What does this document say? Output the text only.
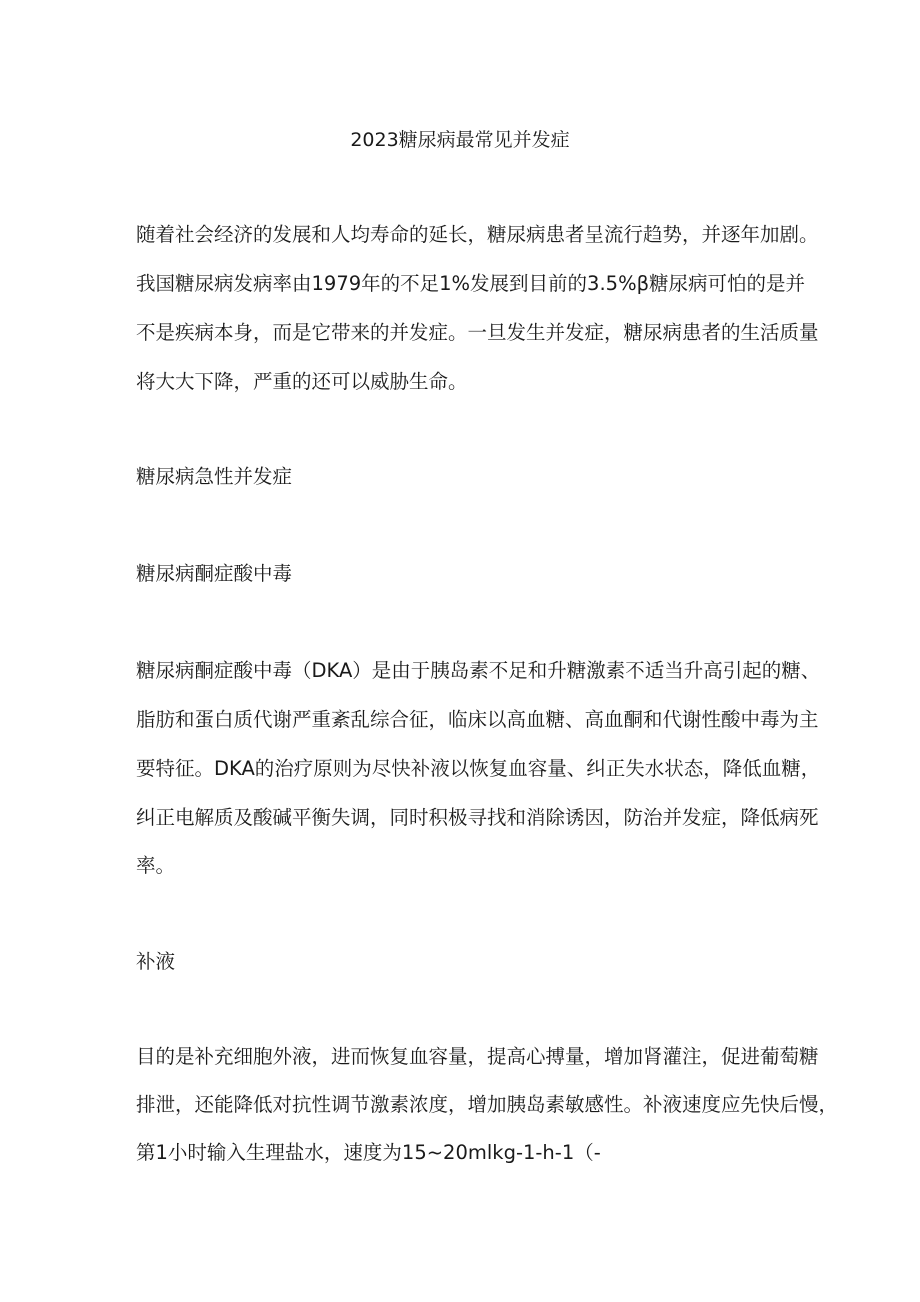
2023糖尿病最常见并发症
随着社会经济的发展和人均寿命的延长，糖尿病患者呈流行趋势，并逐年加剧。
我国糖尿病发病率由1979年的不足1%发展到目前的3.5%β糖尿病可怕的是并
不是疾病本身，而是它带来的并发症。一旦发生并发症，糖尿病患者的生活质量
将大大下降，严重的还可以威胁生命。
糖尿病急性并发症
糖尿病酮症酸中毒
糖尿病酮症酸中毒（DKA）是由于胰岛素不足和升糖激素不适当升高引起的糖、
脂肪和蛋白质代谢严重紊乱综合征，临床以高血糖、高血酮和代谢性酸中毒为主
要特征。DKA的治疗原则为尽快补液以恢复血容量、纠正失水状态，降低血糖，
纠正电解质及酸碱平衡失调，同时积极寻找和消除诱因，防治并发症，降低病死
率。
补液
目的是补充细胞外液，进而恢复血容量，提高心搏量，增加肾灌注，促进葡萄糖
排泄，还能降低对抗性调节激素浓度，增加胰岛素敏感性。补液速度应先快后慢，
第1小时输入生理盐水，速度为15~20mlkg-1-h-1（-
